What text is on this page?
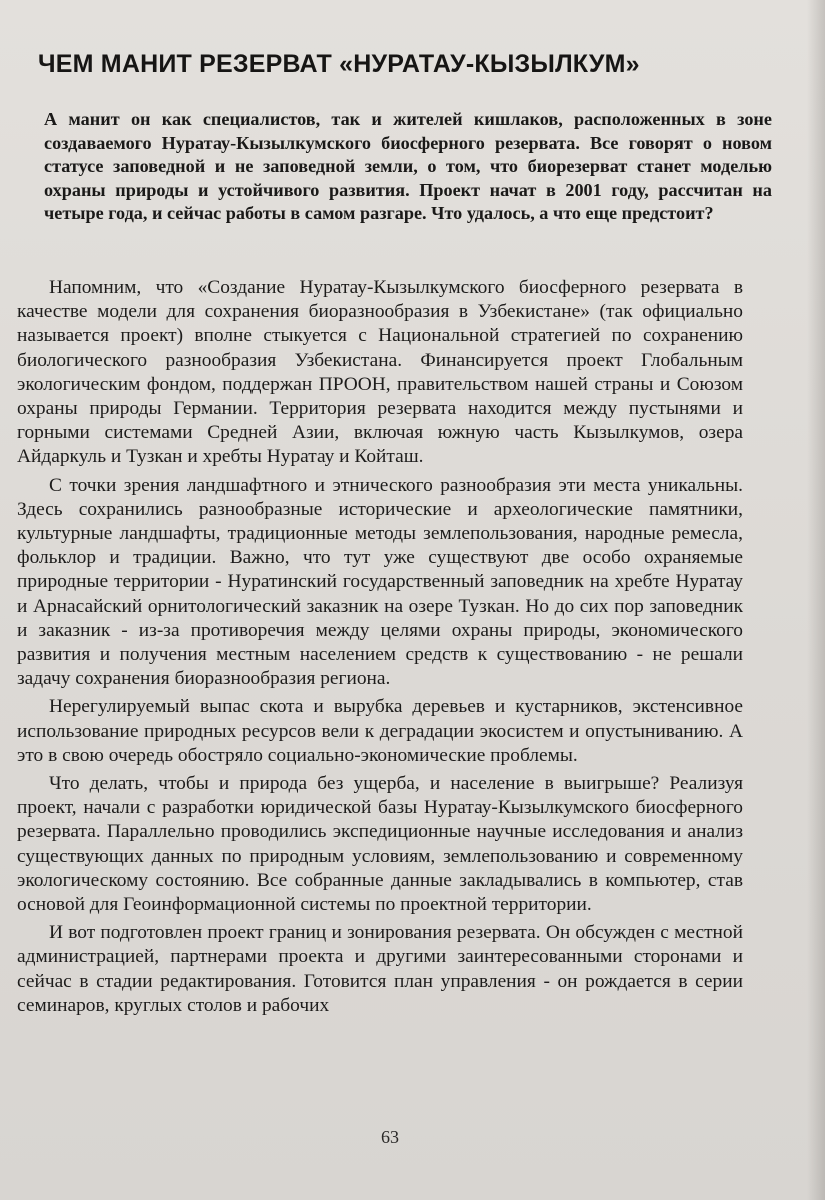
ЧЕМ МАНИТ РЕЗЕРВАТ «НУРАТАУ-КЫЗЫЛКУМ»

А манит он как специалистов, так и жителей кишлаков, расположенных в зоне создаваемого Нуратау-Кызылкумского биосферного резервата. Все говорят о новом статусе заповедной и не заповедной земли, о том, что биорезерват станет моделью охраны природы и устойчивого развития. Проект начат в 2001 году, рассчитан на четыре года, и сейчас работы в самом разгаре. Что удалось, а что еще предстоит?

Напомним, что «Создание Нуратау-Кызылкумского биосферного резервата в качестве модели для сохранения биоразнообразия в Узбекистане» (так официально называется проект) вполне стыкуется с Национальной стратегией по сохранению биологического разнообразия Узбекистана. Финансируется проект Глобальным экологическим фондом, поддержан ПРООН, правительством нашей страны и Союзом охраны природы Германии. Территория резервата находится между пустынями и горными системами Средней Азии, включая южную часть Кызылкумов, озера Айдаркуль и Тузкан и хребты Нуратау и Койташ.

С точки зрения ландшафтного и этнического разнообразия эти места уникальны. Здесь сохранились разнообразные исторические и археологические памятники, культурные ландшафты, традиционные методы землепользования, народные ремесла, фольклор и традиции. Важно, что тут уже существуют две особо охраняемые природные территории - Нуратинский государственный заповедник на хребте Нуратау и Арнасайский орнитологический заказник на озере Тузкан. Но до сих пор заповедник и заказник - из-за противоречия между целями охраны природы, экономического развития и получения местным населением средств к существованию - не решали задачу сохранения биоразнообразия региона.

Нерегулируемый выпас скота и вырубка деревьев и кустарников, экстенсивное использование природных ресурсов вели к деградации экосистем и опустыниванию. А это в свою очередь обостряло социально-экономические проблемы.

Что делать, чтобы и природа без ущерба, и население в выигрыше? Реализуя проект, начали с разработки юридической базы Нуратау-Кызылкумского биосферного резервата. Параллельно проводились экспедиционные научные исследования и анализ существующих данных по природным условиям, землепользованию и современному экологическому состоянию. Все собранные данные закладывались в компьютер, став основой для Геоинформационной системы по проектной территории.

И вот подготовлен проект границ и зонирования резервата. Он обсужден с местной администрацией, партнерами проекта и другими заинтересованными сторонами и сейчас в стадии редактирования. Готовится план управления - он рождается в серии семинаров, круглых столов и рабочих

63
